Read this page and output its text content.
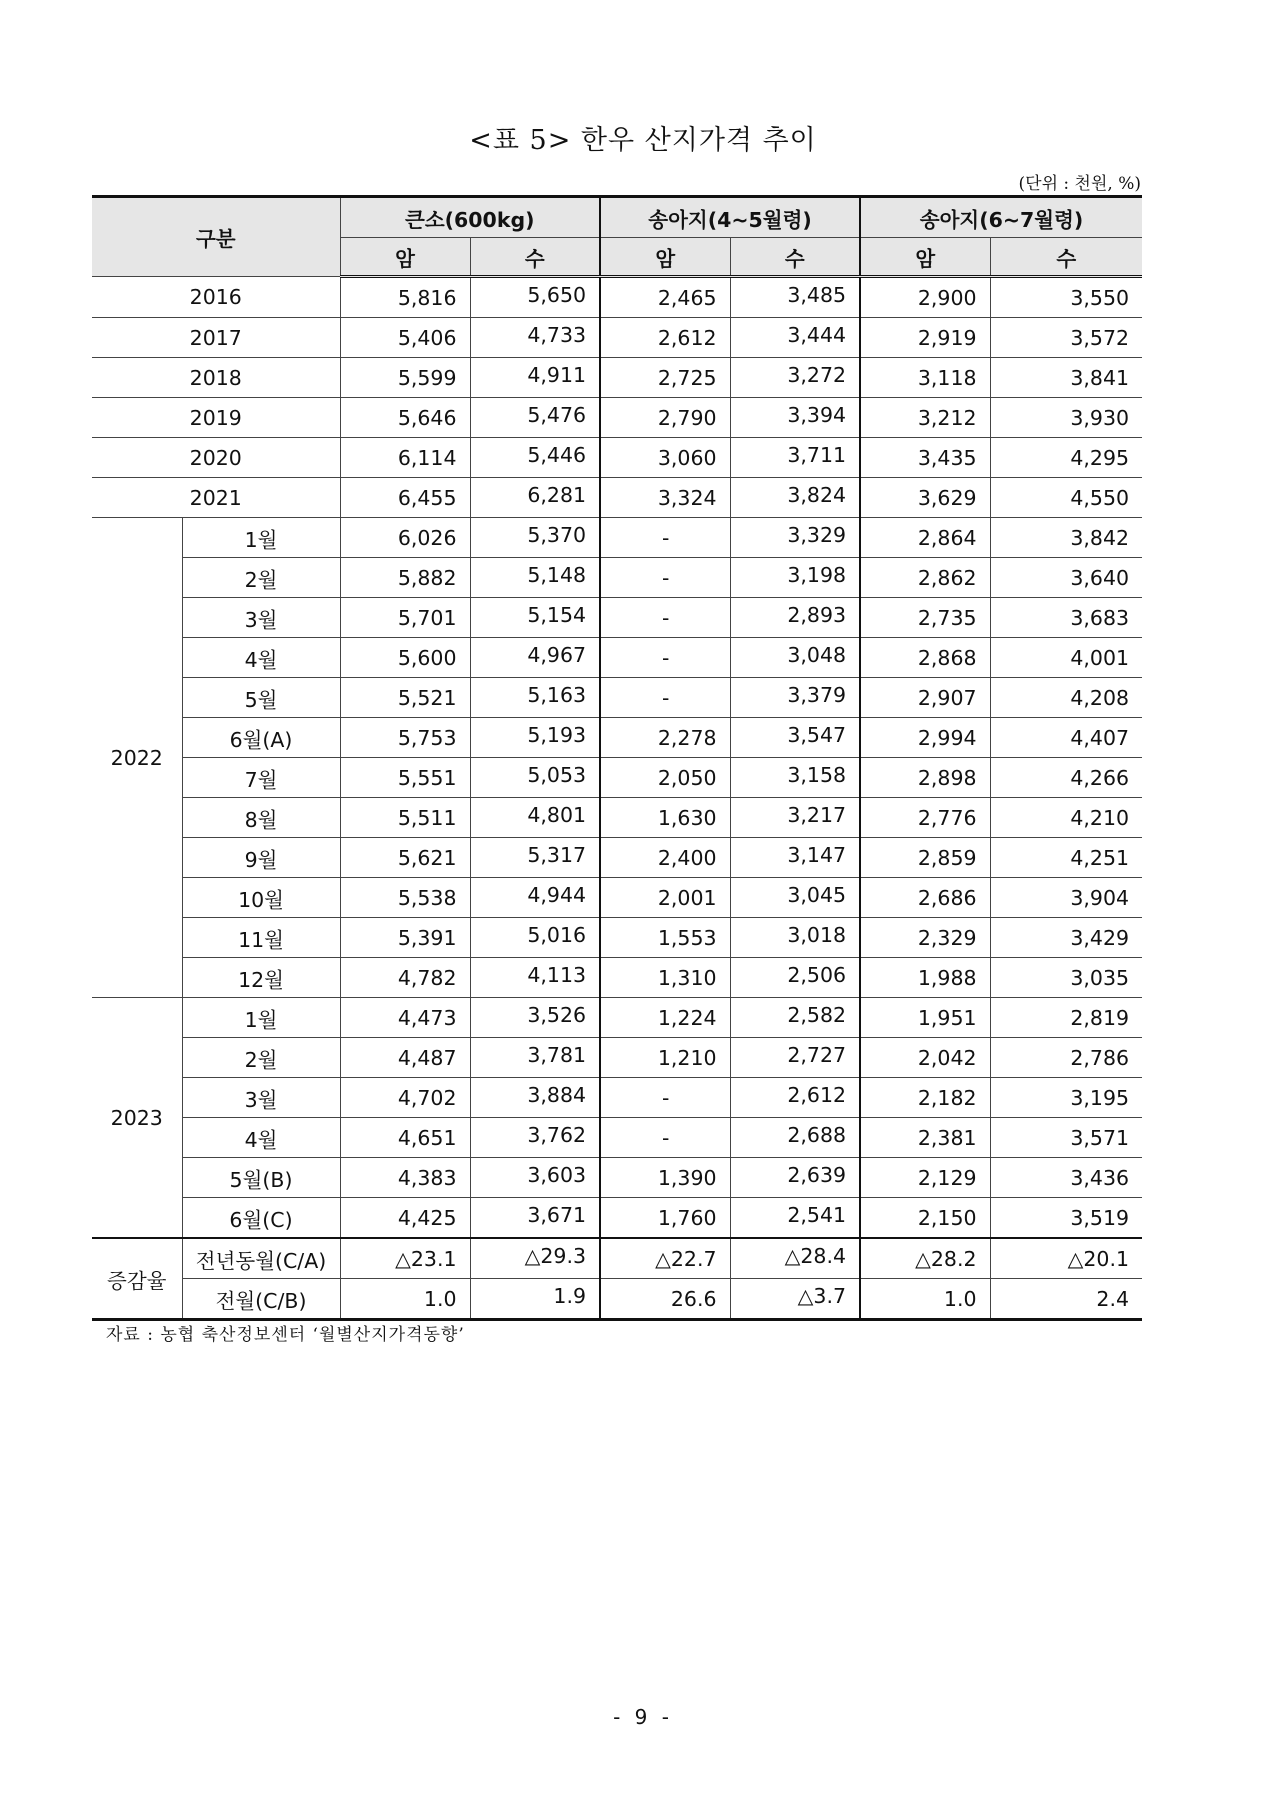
<표 5> 한우 산지가격 추이
(단위 : 천원, %)
구분		큰소(600kg)		송아지(4~5월령)		송아지(6~7월령)	
		암	수	암	수	암	수
2016		5,816	5,650	2,465	3,485	2,900	3,550
2017		5,406	4,733	2,612	3,444	2,919	3,572
2018		5,599	4,911	2,725	3,272	3,118	3,841
2019		5,646	5,476	2,790	3,394	3,212	3,930
2020		6,114	5,446	3,060	3,711	3,435	4,295
2021		6,455	6,281	3,324	3,824	3,629	4,550
2022	1월	6,026	5,370	-	3,329	2,864	3,842
	2월	5,882	5,148	-	3,198	2,862	3,640
	3월	5,701	5,154	-	2,893	2,735	3,683
	4월	5,600	4,967	-	3,048	2,868	4,001
	5월	5,521	5,163	-	3,379	2,907	4,208
	6월(A)	5,753	5,193	2,278	3,547	2,994	4,407
	7월	5,551	5,053	2,050	3,158	2,898	4,266
	8월	5,511	4,801	1,630	3,217	2,776	4,210
	9월	5,621	5,317	2,400	3,147	2,859	4,251
	10월	5,538	4,944	2,001	3,045	2,686	3,904
	11월	5,391	5,016	1,553	3,018	2,329	3,429
	12월	4,782	4,113	1,310	2,506	1,988	3,035
2023	1월	4,473	3,526	1,224	2,582	1,951	2,819
	2월	4,487	3,781	1,210	2,727	2,042	2,786
	3월	4,702	3,884	-	2,612	2,182	3,195
	4월	4,651	3,762	-	2,688	2,381	3,571
	5월(B)	4,383	3,603	1,390	2,639	2,129	3,436
	6월(C)	4,425	3,671	1,760	2,541	2,150	3,519
증감율	전년동월(C/A)	△23.1	△29.3	△22.7	△28.4	△28.2	△20.1
	전월(C/B)	1.0	1.9	26.6	△3.7	1.0	2.4
자료 : 농협 축산정보센터 ‘월별산지가격동향’
- 9 -
